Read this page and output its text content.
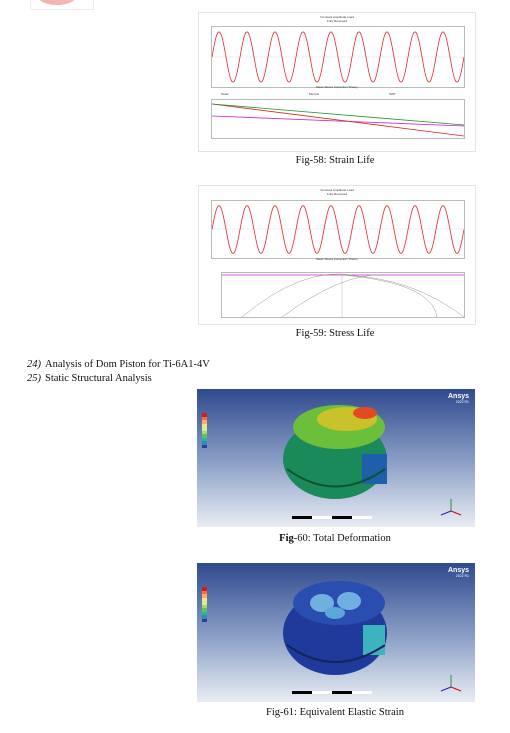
Constant Amplitude Load
Fully Reversed
Mean Stress Correction Theory
Strain	Morrow	SWT
Fig-58: Strain Life
Constant Amplitude Load
Fully Reversed
Mean Stress Correction Theory
Fig-59: Stress Life
24) Analysis of Dom Piston for Ti-6A1-4V
25) Static Structural Analysis
Ansys
2022 R1
Fig-60: Total Deformation
Ansys
2022 R1
Fig-61: Equivalent Elastic Strain
